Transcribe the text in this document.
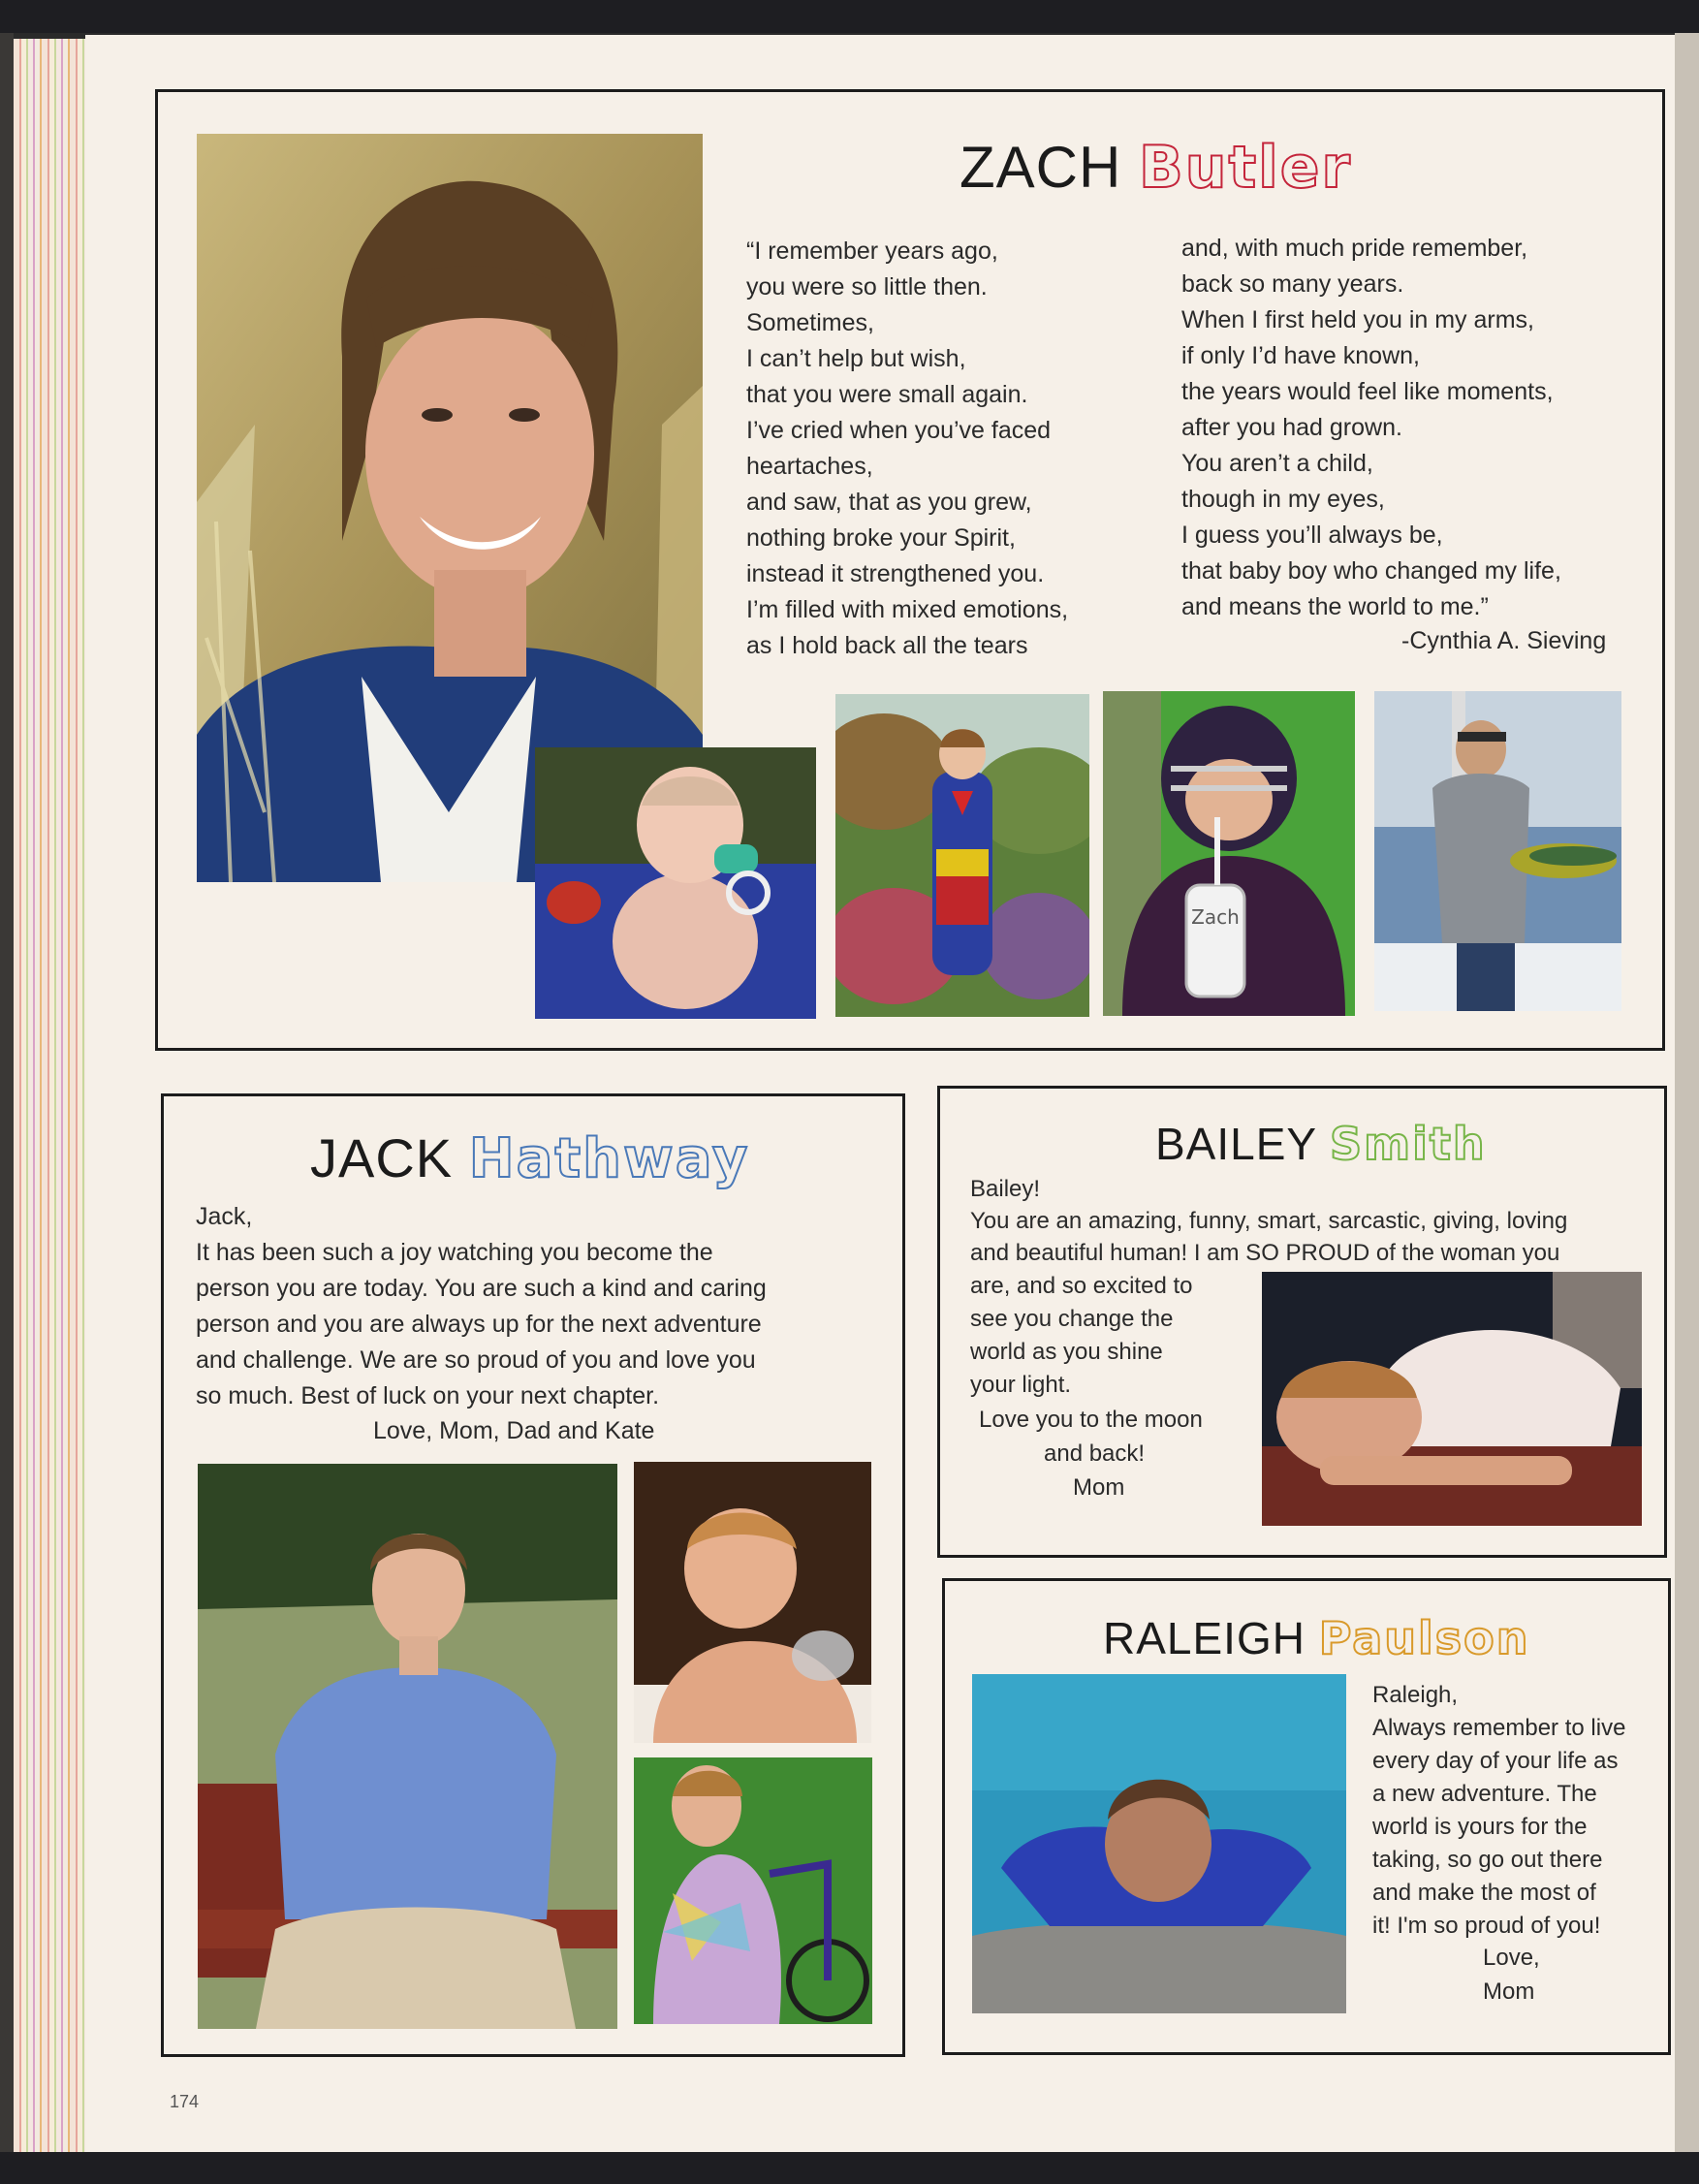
ZACH Butler
“I remember years ago,
you were so little then.
Sometimes,
I can’t help but wish,
that you were small again.
I’ve cried when you’ve faced
heartaches,
and saw, that as you grew,
nothing broke your Spirit,
instead it strengthened you.
I’m filled with mixed emotions,
as I hold back all the tears
and, with much pride remember,
back so many years.
When I first held you in my arms,
if only I’d have known,
the years would feel like moments,
after you had grown.
You aren’t a child,
though in my eyes,
I guess you’ll always be,
that baby boy who changed my life,
and means the world to me.”
-Cynthia A. Sieving
Zach
JACK Hathway
Jack,
It has been such a joy watching you become the
person you are today. You are such a kind and caring
person and you are always up for the next adventure
and challenge. We are so proud of you and love you
so much. Best of luck on your next chapter.
Love, Mom, Dad and Kate
BAILEY Smith
Bailey!
You are an amazing, funny, smart, sarcastic, giving, loving
and beautiful human! I am SO PROUD of the woman you
are, and so excited to
see you change the
world as you shine
your light.
Love you to the moon
and back!
Mom
RALEIGH Paulson
Raleigh,
Always remember to live
every day of your life as
a new adventure. The
world is yours for the
taking, so go out there
and make the most of
it! I'm so proud of you!
Love,
Mom
174
